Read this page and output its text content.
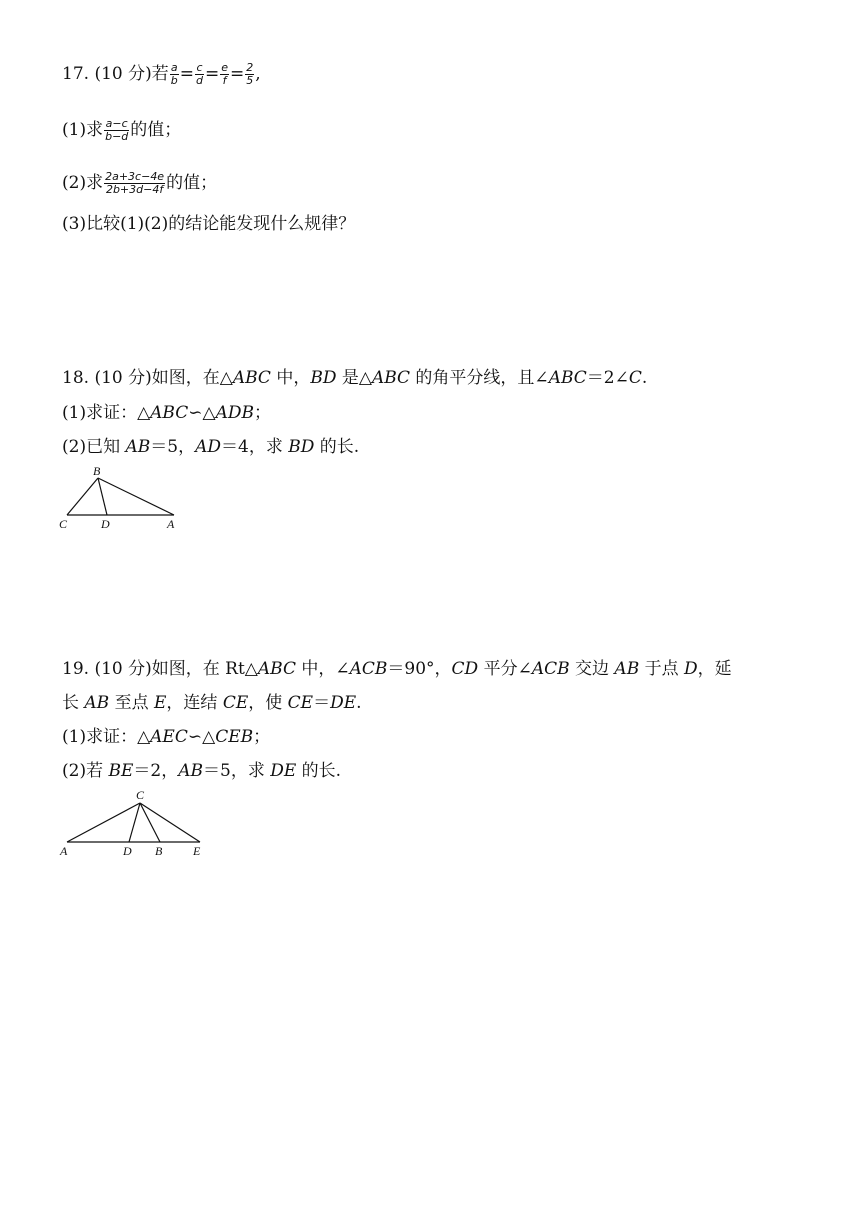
17. (10 分)若 $\frac{a}{b} = \frac{c}{d} = \frac{e}{f} = \frac{2}{5}$ ,
(1)求 $\frac{a-c}{b-d}$ 的值；
(2)求 $\frac{2a+3c-4e}{2b+3d-4f}$ 的值；
(3)比较(1)(2)的结论能发现什么规律？
18. (10 分)如图，在△ABC 中，BD 是△ABC 的角平分线，且∠ABC＝2∠C.
(1)求证：△ABC∽△ADB；
(2)已知 AB＝5，AD＝4，求 BD 的长.
B
C	D	A
19. (10 分)如图，在 Rt△ABC 中，∠ACB＝90°，CD 平分∠ACB 交边 AB 于点 D，延
长 AB 至点 E，连结 CE，使 CE＝DE.
(1)求证：△AEC∽△CEB；
(2)若 BE＝2，AB＝5，求 DE 的长.
C
A	D B	E
